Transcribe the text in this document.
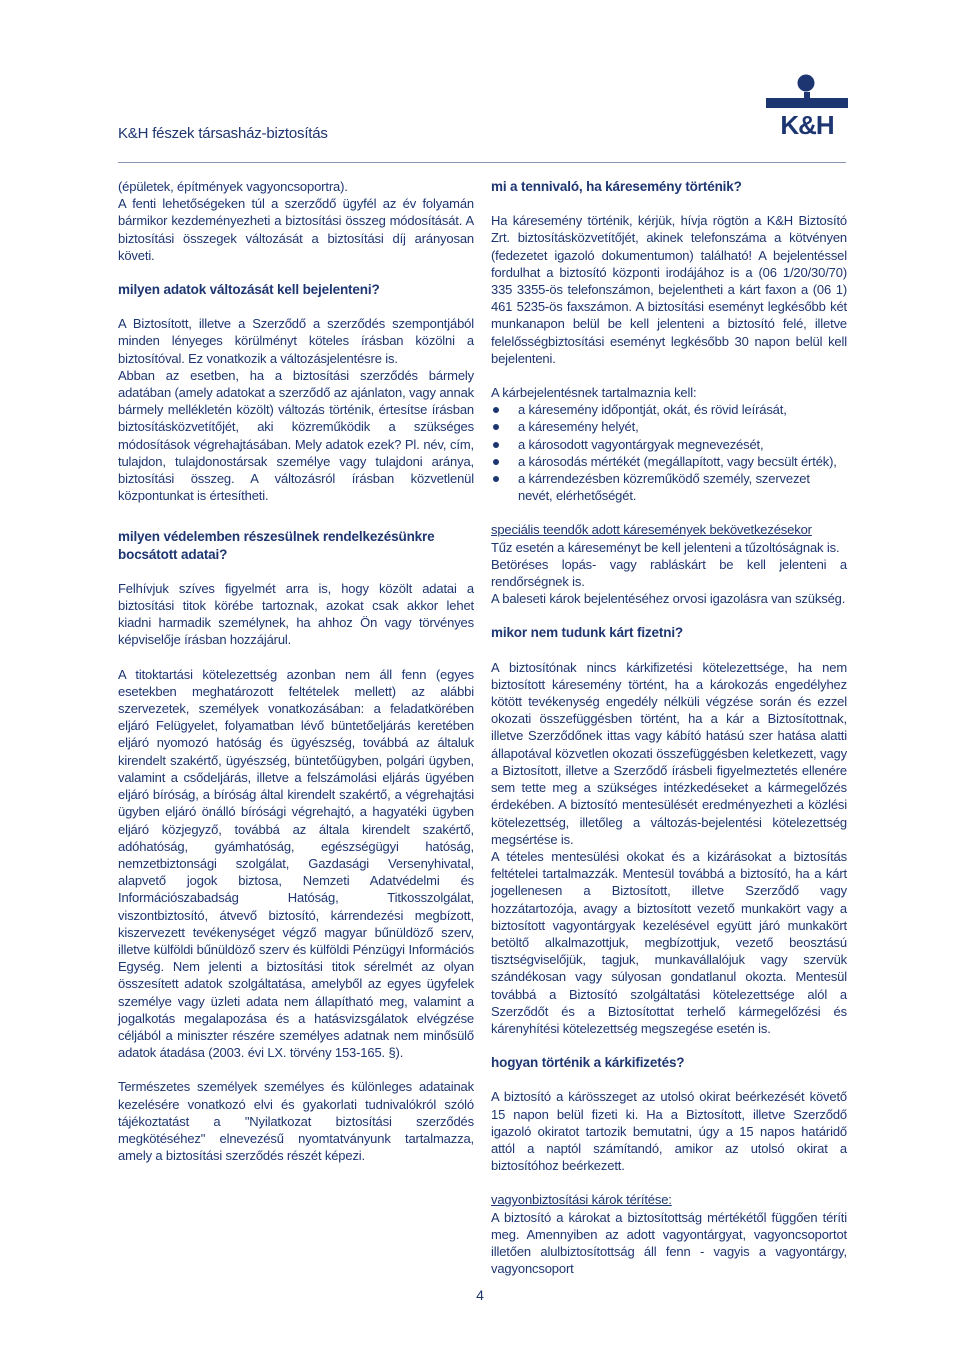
K&H fészek társasház-biztosítás	K&H

(épületek, építmények vagyoncsoportra).
A fenti lehetőségeken túl a szerződő ügyfél az év folyamán bármikor kezdeményezheti a biztosítási összeg módosítását. A biztosítási összegek változását a biztosítási díj arányosan követi.

milyen adatok változását kell bejelenteni?

A Biztosított, illetve a Szerződő a szerződés szempontjából minden lényeges körülményt köteles írásban közölni a biztosítóval. Ez vonatkozik a változásjelentésre is.

Abban az esetben, ha a biztosítási szerződés bármely adatában (amely adatokat a szerződő az ajánlaton, vagy annak bármely mellékletén közölt) változás történik, értesítse írásban biztosításközvetítőjét, aki közreműködik a szükséges módosítások végrehajtásában. Mely adatok ezek? Pl. név, cím, tulajdon, tulajdonostársak személye vagy tulajdoni aránya, biztosítási összeg. A változásról írásban közvetlenül központunkat is értesítheti.

milyen védelemben részesülnek rendelkezésünkre bocsátott adatai?

Felhívjuk szíves figyelmét arra is, hogy közölt adatai a biztosítási titok körébe tartoznak, azokat csak akkor lehet kiadni harmadik személynek, ha ahhoz Ön vagy törvényes képviselője írásban hozzájárul.

A titoktartási kötelezettség azonban nem áll fenn (egyes esetekben meghatározott feltételek mellett) az alábbi szervezetek, személyek vonatkozásában: a feladatkörében eljáró Felügyelet, folyamatban lévő büntetőeljárás keretében eljáró nyomozó hatóság és ügyészség, továbbá az általuk kirendelt szakértő, ügyészség, büntetőügyben, polgári ügyben, valamint a csődeljárás, illetve a felszámolási eljárás ügyében eljáró bíróság, a bíróság által kirendelt szakértő, a végrehajtási ügyben eljáró önálló bírósági végrehajtó, a hagyatéki ügyben eljáró közjegyző, továbbá az általa kirendelt szakértő, adóhatóság, gyámhatóság, egészségügyi hatóság, nemzetbiztonsági szolgálat, Gazdasági Versenyhivatal, alapvető jogok biztosa, Nemzeti Adatvédelmi és Információszabadság Hatóság, Titkosszolgálat, viszontbiztosító, átvevő biztosító, kárrendezési megbízott, kiszervezett tevékenységet végző magyar bűnüldöző szerv, illetve külföldi bűnüldöző szerv és külföldi Pénzügyi Információs Egység. Nem jelenti a biztosítási titok sérelmét az olyan összesített adatok szolgáltatása, amelyből az egyes ügyfelek személye vagy üzleti adata nem állapítható meg, valamint a jogalkotás megalapozása és a hatásvizsgálatok elvégzése céljából a miniszter részére személyes adatnak nem minősülő adatok átadása (2003. évi LX. törvény 153-165. §).

Természetes személyek személyes és különleges adatainak kezelésére vonatkozó elvi és gyakorlati tudnivalókról szóló tájékoztatást a "Nyilatkozat biztosítási szerződés megkötéséhez" elnevezésű nyomtatványunk tartalmazza, amely a biztosítási szerződés részét képezi.

mi a tennivaló, ha káresemény történik?

Ha káresemény történik, kérjük, hívja rögtön a K&H Biztosító Zrt. biztosításközvetítőjét, akinek telefonszáma a kötvényen (fedezetet igazoló dokumentumon) található! A bejelentéssel fordulhat a biztosító központi irodájához is a (06 1/20/30/70) 335 3355-ös telefonszámon, bejelentheti a kárt faxon a (06 1) 461 5235-ös faxszámon. A biztosítási eseményt legkésőbb két munkanapon belül be kell jelenteni a biztosító felé, illetve felelősségbiztosítási eseményt legkésőbb 30 napon belül kell bejelenteni.

A kárbejelentésnek tartalmaznia kell:

a káresemény időpontját, okát, és rövid leírását,
a káresemény helyét,
a károsodott vagyontárgyak megnevezését,
a károsodás mértékét (megállapított, vagy becsült érték),
a kárrendezésben közreműködő személy, szervezet nevét, elérhetőségét.

speciális teendők adott káresemények bekövetkezésekor

Tűz esetén a káreseményt be kell jelenteni a tűzoltóságnak is.

Betöréses lopás- vagy rabláskárt be kell jelenteni a rendőrségnek is.

A baleseti károk bejelentéséhez orvosi igazolásra van szükség.

mikor nem tudunk kárt fizetni?

A biztosítónak nincs kárkifizetési kötelezettsége, ha nem biztosított káresemény történt, ha a károkozás engedélyhez kötött tevékenység engedély nélküli végzése során és ezzel okozati összefüggésben történt, ha a kár a Biztosítottnak, illetve Szerződőnek ittas vagy kábító hatású szer hatása alatti állapotával közvetlen okozati összefüggésben keletkezett, vagy a Biztosított, illetve a Szerződő írásbeli figyelmeztetés ellenére sem tette meg a szükséges intézkedéseket a kármegelőzés érdekében. A biztosító mentesülését eredményezheti a közlési kötelezettség, illetőleg a változás-bejelentési kötelezettség megsértése is.

A tételes mentesülési okokat és a kizárásokat a biztosítás feltételei tartalmazzák. Mentesül továbbá a biztosító, ha a kárt jogellenesen a Biztosított, illetve Szerződő vagy hozzátartozója, avagy a biztosított vezető munkakört vagy a biztosított vagyontárgyak kezelésével együtt járó munkakört betöltő alkalmazottjuk, megbízottjuk, vezető beosztású tisztségviselőjük, tagjuk, munkavállalójuk vagy szervük szándékosan vagy súlyosan gondatlanul okozta. Mentesül továbbá a Biztosító szolgáltatási kötelezettsége alól a Szerződőt és a Biztosítottat terhelő kármegelőzési és kárenyhítési kötelezettség megszegése esetén is.

hogyan történik a kárkifizetés?

A biztosító a kárösszeget az utolsó okirat beérkezését követő 15 napon belül fizeti ki. Ha a Biztosított, illetve Szerződő igazoló okiratot tartozik bemutatni, úgy a 15 napos határidő attól a naptól számítandó, amikor az utolsó okirat a biztosítóhoz beérkezett.

vagyonbiztosítási károk térítése:

A biztosító a károkat a biztosítottság mértékétől függően téríti meg. Amennyiben az adott vagyontárgyat, vagyoncsoportot illetően alulbiztosítottság áll fenn - vagyis a vagyontárgy, vagyoncsoport

4
